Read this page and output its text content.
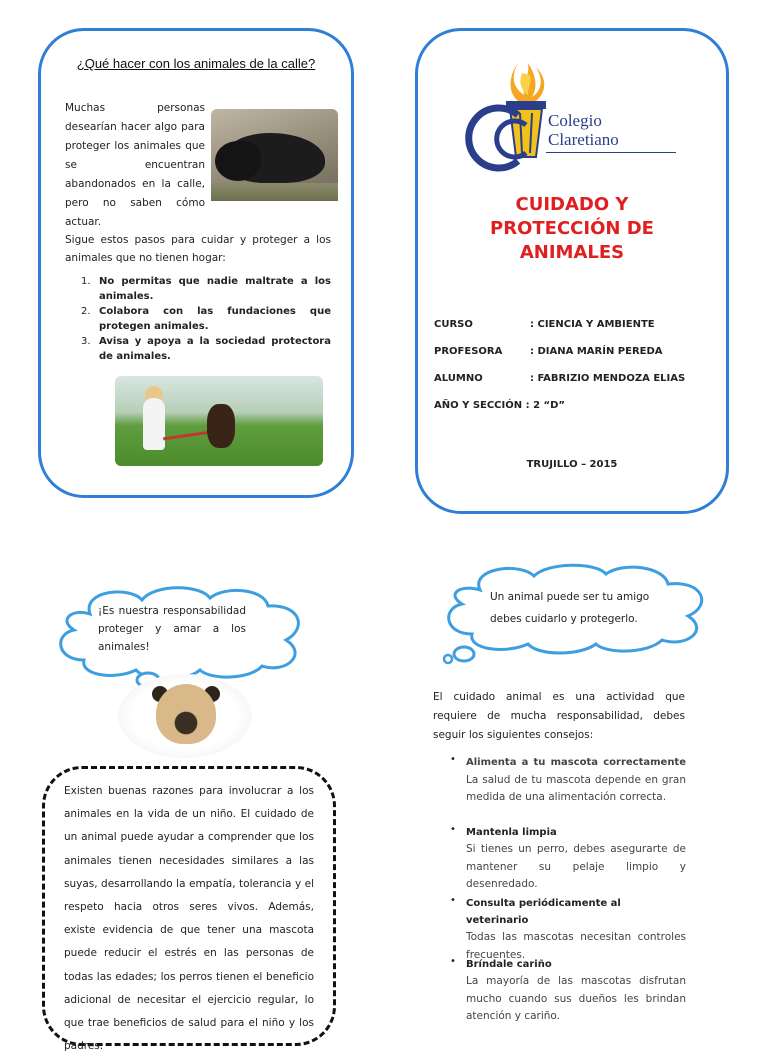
¿Qué hacer con los animales de la calle?

Muchas personas desearían hacer algo para proteger los animales que se encuentran abandonados en la calle, pero no saben cómo actuar.

Sigue estos pasos para cuidar y proteger a los animales que no tienen hogar:

1. No permitas que nadie maltrate a los animales.
2. Colabora con las fundaciones que protegen animales.
3. Avisa y apoya a la sociedad protectora de animales.
Colegio
Claretiano
CUIDADO Y
PROTECCIÓN DE
ANIMALES
CURSO	: CIENCIA Y AMBIENTE
PROFESORA	: DIANA MARÍN PEREDA
ALUMNO	: FABRIZIO MENDOZA ELIAS
AÑO Y SECCIÓN : 2 “D”
TRUJILLO – 2015
¡Es nuestra responsabilidad proteger y amar a los animales!

Existen buenas razones para involucrar a los animales en la vida de un niño. El cuidado de un animal puede ayudar a comprender que los animales tienen necesidades similares a las suyas, desarrollando la empatía, tolerancia y el respeto hacia otros seres vivos. Además, existe evidencia de que tener una mascota puede reducir el estrés en las personas de todas las edades; los perros tienen el beneficio adicional de necesitar el ejercicio regular, lo que trae beneficios de salud para el niño y los padres.

Un animal puede ser tu amigo
debes cuidarlo y protegerlo.

El cuidado animal es una actividad que requiere de mucha responsabilidad, debes seguir los siguientes consejos:

• Alimenta a tu mascota correctamente La salud de tu mascota depende en gran medida de una alimentación correcta.
• Mantenla limpia
Si tienes un perro, debes asegurarte de mantener su pelaje limpio y desenredado.
• Consulta periódicamente al veterinario
Todas las mascotas necesitan controles frecuentes.
• Bríndale cariño
La mayoría de las mascotas disfrutan mucho cuando sus dueños les brindan atención y cariño.
